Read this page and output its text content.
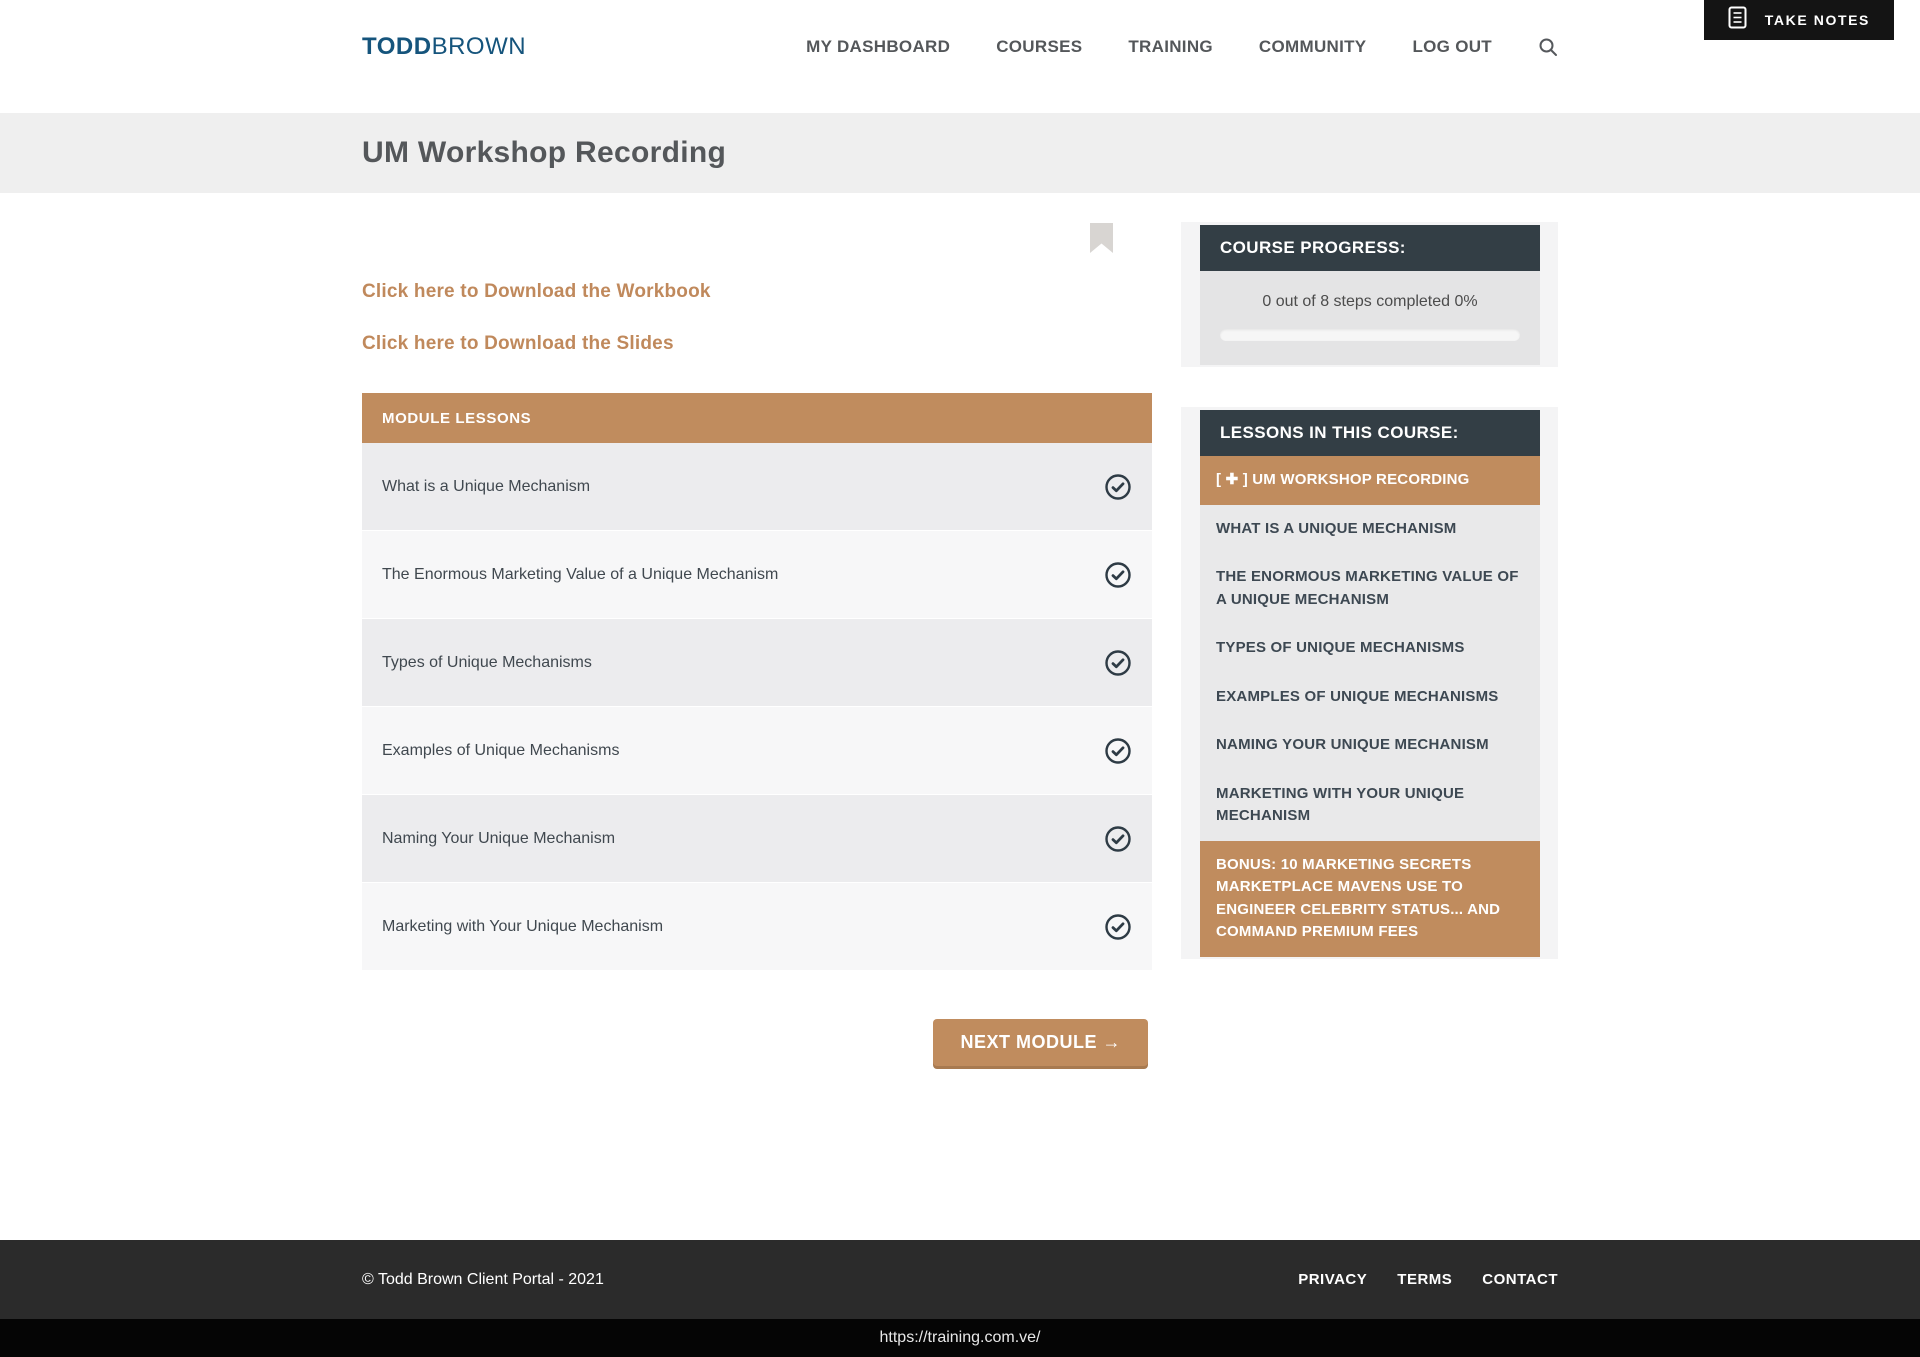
TODDBROWN	MY DASHBOARD	COURSES	TRAINING	COMMUNITY	LOG OUT
TAKE NOTES
UM Workshop Recording
Click here to Download the Workbook
Click here to Download the Slides
MODULE LESSONS
What is a Unique Mechanism
The Enormous Marketing Value of a Unique Mechanism
Types of Unique Mechanisms
Examples of Unique Mechanisms
Naming Your Unique Mechanism
Marketing with Your Unique Mechanism
NEXT MODULE →
COURSE PROGRESS:
0 out of 8 steps completed 0%
LESSONS IN THIS COURSE:
[ ✚ ] UM WORKSHOP RECORDING
WHAT IS A UNIQUE MECHANISM
THE ENORMOUS MARKETING VALUE OF A UNIQUE MECHANISM
TYPES OF UNIQUE MECHANISMS
EXAMPLES OF UNIQUE MECHANISMS
NAMING YOUR UNIQUE MECHANISM
MARKETING WITH YOUR UNIQUE MECHANISM
BONUS: 10 MARKETING SECRETS MARKETPLACE MAVENS USE TO ENGINEER CELEBRITY STATUS... AND COMMAND PREMIUM FEES
© Todd Brown Client Portal - 2021	PRIVACY TERMS CONTACT
https://training.com.ve/
